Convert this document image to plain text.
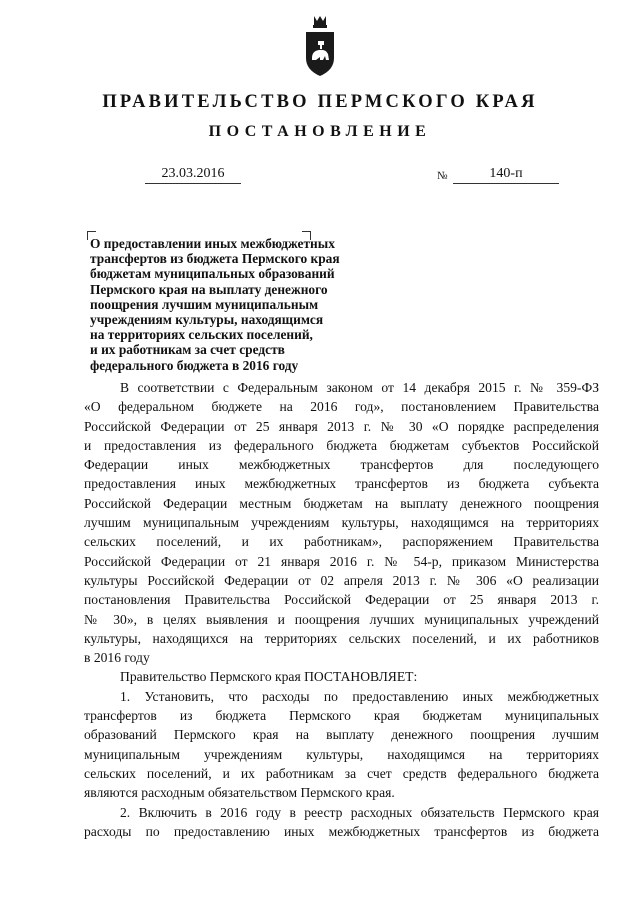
ПРАВИТЕЛЬСТВО ПЕРМСКОГО КРАЯ
ПОСТАНОВЛЕНИЕ
23.03.2016	№	140-п
О предоставлении иных межбюджетных
трансфертов из бюджета Пермского края
бюджетам муниципальных образований
Пермского края на выплату денежного
поощрения лучшим муниципальным
учреждениям культуры, находящимся
на территориях сельских поселений,
и их работникам за счет средств
федерального бюджета в 2016 году
В соответствии с Федеральным законом от 14 декабря 2015 г. № 359-ФЗ
«О федеральном бюджете на 2016 год», постановлением Правительства
Российской Федерации от 25 января 2013 г. № 30 «О порядке распределения
и предоставления из федерального бюджета бюджетам субъектов Российской
Федерации иных межбюджетных трансфертов для последующего
предоставления иных межбюджетных трансфертов из бюджета субъекта
Российской Федерации местным бюджетам на выплату денежного поощрения
лучшим муниципальным учреждениям культуры, находящимся на территориях
сельских поселений, и их работникам», распоряжением Правительства
Российской Федерации от 21 января 2016 г. № 54-р, приказом Министерства
культуры Российской Федерации от 02 апреля 2013 г. № 306 «О реализации
постановления Правительства Российской Федерации от 25 января 2013 г.
№ 30», в целях выявления и поощрения лучших муниципальных учреждений
культуры, находящихся на территориях сельских поселений, и их работников
в 2016 году
Правительство Пермского края ПОСТАНОВЛЯЕТ:
1. Установить, что расходы по предоставлению иных межбюджетных
трансфертов из бюджета Пермского края бюджетам муниципальных
образований Пермского края на выплату денежного поощрения лучшим
муниципальным учреждениям культуры, находящимся на территориях
сельских поселений, и их работникам за счет средств федерального бюджета
являются расходным обязательством Пермского края.
2. Включить в 2016 году в реестр расходных обязательств Пермского края
расходы по предоставлению иных межбюджетных трансфертов из бюджета
